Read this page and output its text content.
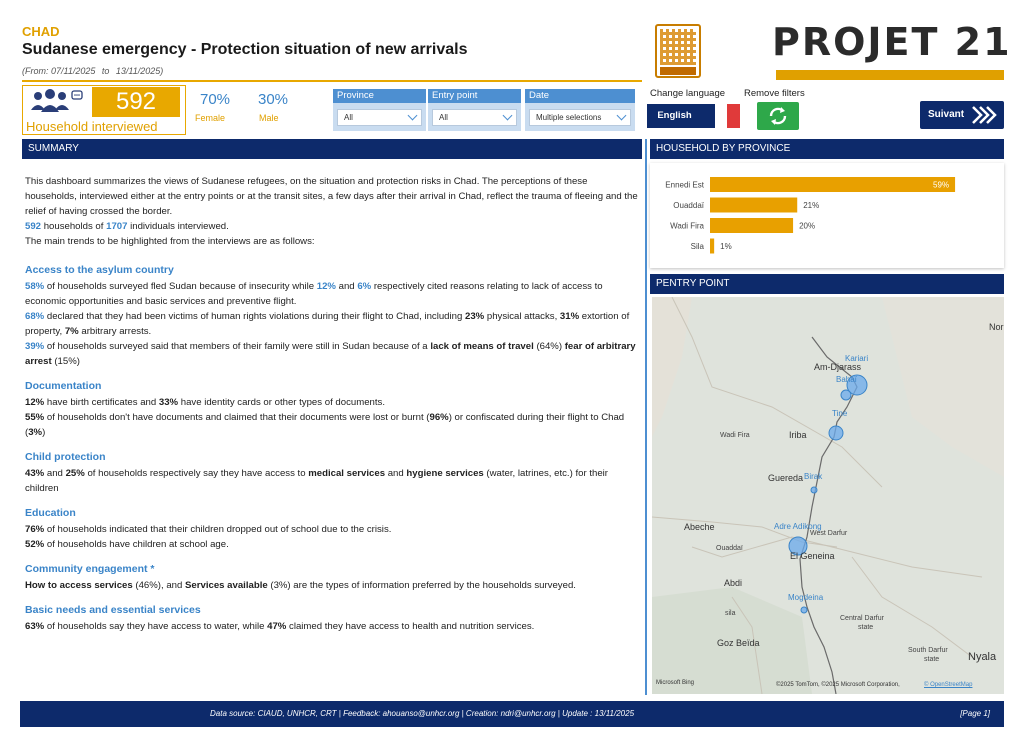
CHAD
Sudanese emergency - Protection situation of new arrivals
(From: 07/11/2025 to 13/11/2025)
PROJET 21
592
Household interviewed
70%
Female
30%
Male
Province
All
Entry point
All
Date
Multiple selections
Change language Remove filters
English	Suivant
SUMMARY	HOUSEHOLD BY PROVINCE
PENTRY POINT

This dashboard summarizes the views of Sudanese refugees, on the situation and protection risks in Chad. The perceptions of these households, interviewed either at the entry points or at the transit sites, a few days after their arrival in Chad, reflect the trauma of fleeing and the relief of having crossed the border.

592 households of 1707 individuals interviewed.

The main trends to be highlighted from the interviews are as follows:

Access to the asylum country

58% of households surveyed fled Sudan because of insecurity while 12% and 6% respectively cited reasons relating to lack of access to economic opportunities and basic services and preventive flight.

68% declared that they had been victims of human rights violations during their flight to Chad, including 23% physical attacks, 31% extortion of property, 7% arbitrary arrests.

39% of households surveyed said that members of their family were still in Sudan because of a lack of means of travel (64%) fear of arbitrary arrest (15%)

Documentation

12% have birth certificates and 33% have identity cards or other types of documents.

55% of households don't have documents and claimed that their documents were lost or burnt (96%) or confiscated during their flight to Chad (3%)

Child protection

43% and 25% of households respectively say they have access to medical services and hygiene services (water, latrines, etc.) for their children

Education

76% of households indicated that their children dropped out of school due to the crisis.

52% of households have children at school age.

Community engagement *

How to access services (46%), and Services available (3%) are the types of information preferred by the households surveyed.

Basic needs and essential services

63% of households say they have access to water, while 47% claimed they have access to health and nutrition services.

Ennedi Est	59%
Ouaddaï	21%
Wadi Fira	20%
Sila 1%
Nor
Kariari
Am-Djarass
Bahaï
Tine
Wadi Fira	Iriba
Guereda Birak
Abeche	Adre Adikong
West Darfur
Ouaddaï
El Geneina
Abdi
sila
Mogdeina
Central Darfur
state
Goz Beïda
South Darfur
state	Nyala
Microsoft Bing	©2025 TomTom, ©2025 Microsoft Corporation,	© OpenStreetMap
Data source: CIAUD, UNHCR, CRT | Feedback: ahouanso@unhcr.org | Creation: ndri@unhcr.org | Update : 13/11/2025	[Page 1]
